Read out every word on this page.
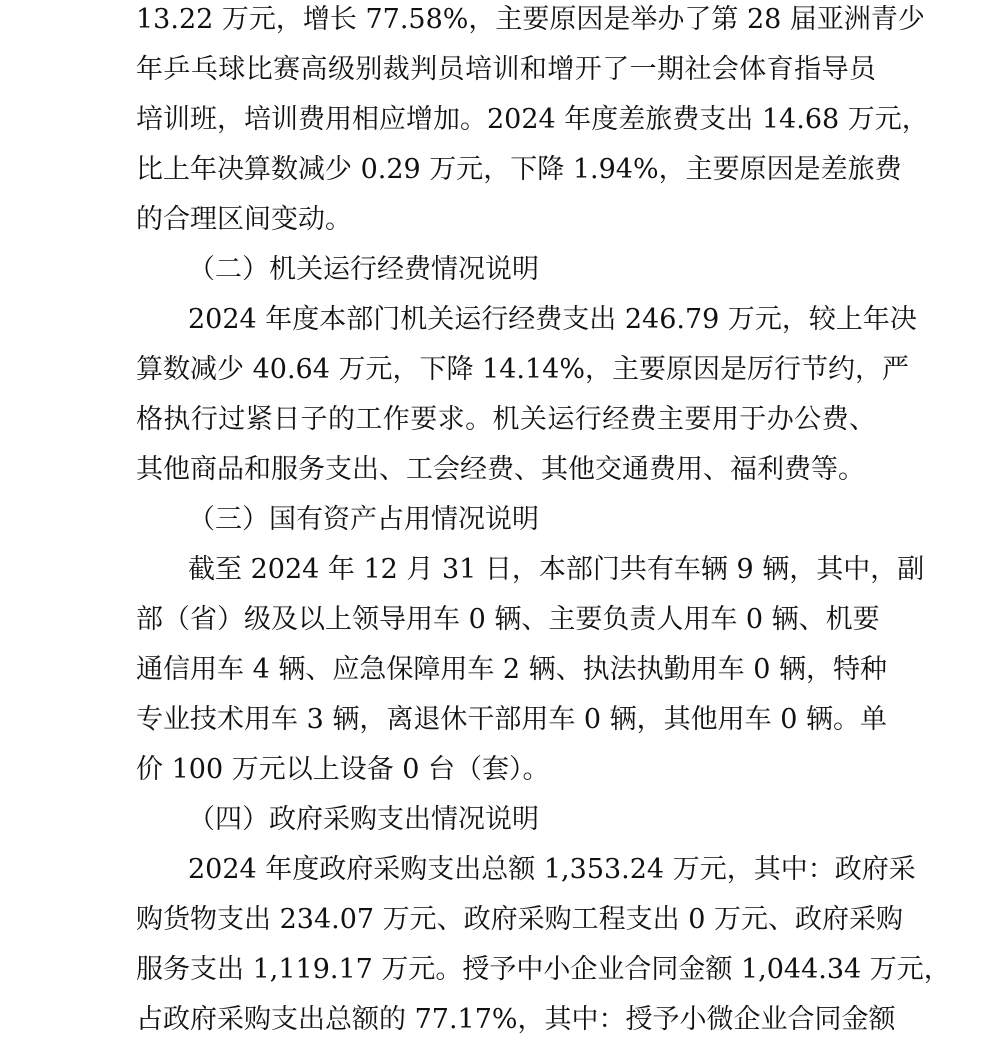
13.22 万元，增长 77.58%，主要原因是举办了第 28 届亚洲青少
年乒乓球比赛高级别裁判员培训和增开了一期社会体育指导员
培训班，培训费用相应增加。2024 年度差旅费支出 14.68 万元，
比上年决算数减少 0.29 万元，下降 1.94%，主要原因是差旅费
的合理区间变动。
（二）机关运行经费情况说明
2024 年度本部门机关运行经费支出 246.79 万元，较上年决
算数减少 40.64 万元，下降 14.14%，主要原因是厉行节约，严
格执行过紧日子的工作要求。机关运行经费主要用于办公费、
其他商品和服务支出、工会经费、其他交通费用、福利费等。
（三）国有资产占用情况说明
截至 2024 年 12 月 31 日，本部门共有车辆 9 辆，其中，副
部（省）级及以上领导用车 0 辆、主要负责人用车 0 辆、机要
通信用车 4 辆、应急保障用车 2 辆、执法执勤用车 0 辆，特种
专业技术用车 3 辆，离退休干部用车 0 辆，其他用车 0 辆。单
价 100 万元以上设备 0 台（套）。
（四）政府采购支出情况说明
2024 年度政府采购支出总额 1,353.24 万元，其中：政府采
购货物支出 234.07 万元、政府采购工程支出 0 万元、政府采购
服务支出 1,119.17 万元。授予中小企业合同金额 1,044.34 万元，
占政府采购支出总额的 77.17%，其中：授予小微企业合同金额
